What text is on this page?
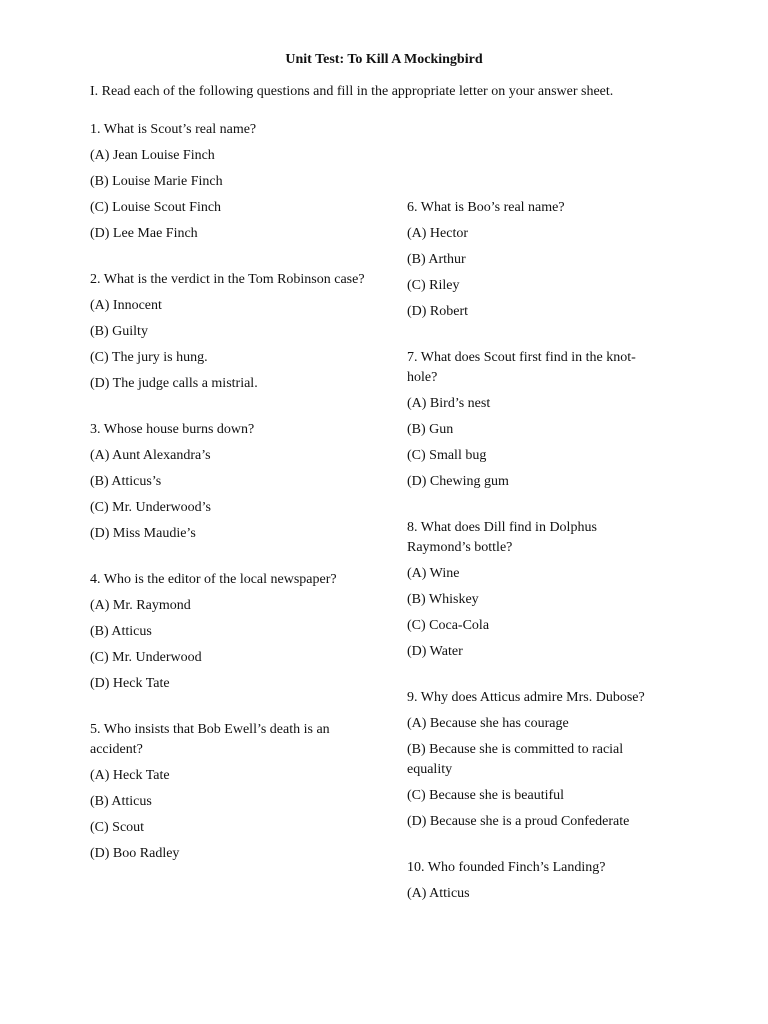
Unit Test: To Kill A Mockingbird
I. Read each of the following questions and fill in the appropriate letter on your answer sheet.
1. What is Scout’s real name?
(A) Jean Louise Finch
(B) Louise Marie Finch
(C) Louise Scout Finch
(D) Lee Mae Finch
2. What is the verdict in the Tom Robinson case?
(A) Innocent
(B) Guilty
(C) The jury is hung.
(D) The judge calls a mistrial.
3. Whose house burns down?
(A) Aunt Alexandra’s
(B) Atticus’s
(C) Mr. Underwood’s
(D) Miss Maudie’s
4. Who is the editor of the local newspaper?
(A) Mr. Raymond
(B) Atticus
(C) Mr. Underwood
(D) Heck Tate
5. Who insists that Bob Ewell’s death is an accident?
(A) Heck Tate
(B) Atticus
(C) Scout
(D) Boo Radley
6. What is Boo’s real name?
(A) Hector
(B) Arthur
(C) Riley
(D) Robert
7. What does Scout first find in the knot-hole?
(A) Bird’s nest
(B) Gun
(C) Small bug
(D) Chewing gum
8. What does Dill find in Dolphus Raymond’s bottle?
(A) Wine
(B) Whiskey
(C) Coca-Cola
(D) Water
9. Why does Atticus admire Mrs. Dubose?
(A) Because she has courage
(B) Because she is committed to racial equality
(C) Because she is beautiful
(D) Because she is a proud Confederate
10. Who founded Finch’s Landing?
(A) Atticus
